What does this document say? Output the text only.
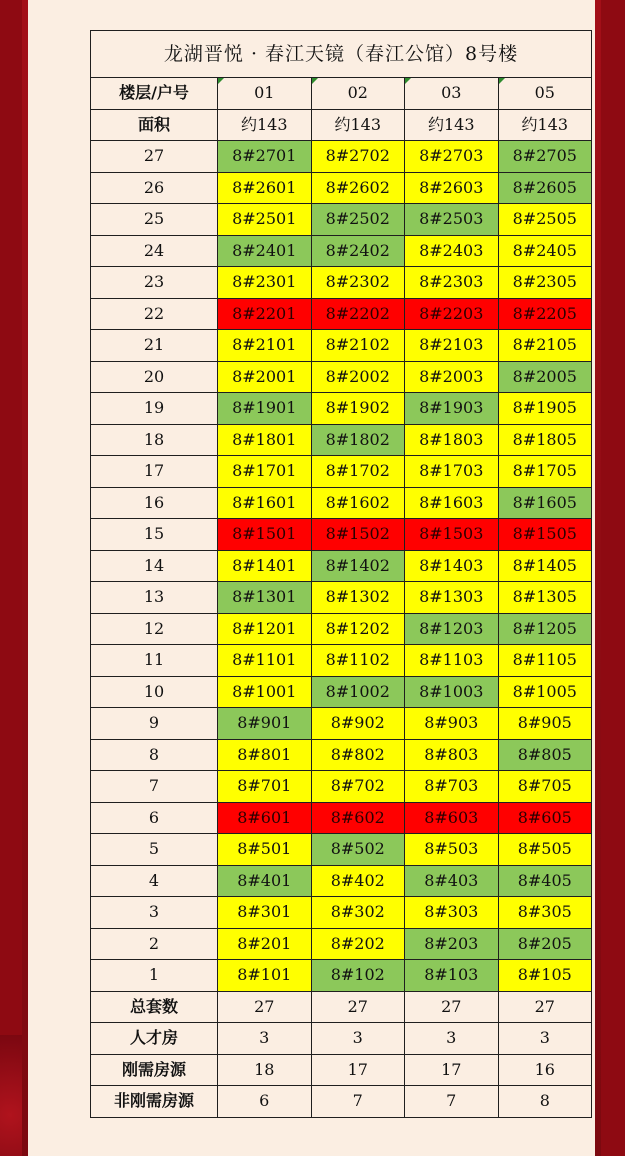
龙湖晋悦 · 春江天镜（春江公馆）8号楼				
楼层/户号	01	02	03	05
面积	约143	约143	约143	约143
27	8#2701	8#2702	8#2703	8#2705
26	8#2601	8#2602	8#2603	8#2605
25	8#2501	8#2502	8#2503	8#2505
24	8#2401	8#2402	8#2403	8#2405
23	8#2301	8#2302	8#2303	8#2305
22	8#2201	8#2202	8#2203	8#2205
21	8#2101	8#2102	8#2103	8#2105
20	8#2001	8#2002	8#2003	8#2005
19	8#1901	8#1902	8#1903	8#1905
18	8#1801	8#1802	8#1803	8#1805
17	8#1701	8#1702	8#1703	8#1705
16	8#1601	8#1602	8#1603	8#1605
15	8#1501	8#1502	8#1503	8#1505
14	8#1401	8#1402	8#1403	8#1405
13	8#1301	8#1302	8#1303	8#1305
12	8#1201	8#1202	8#1203	8#1205
11	8#1101	8#1102	8#1103	8#1105
10	8#1001	8#1002	8#1003	8#1005
9	8#901	8#902	8#903	8#905
8	8#801	8#802	8#803	8#805
7	8#701	8#702	8#703	8#705
6	8#601	8#602	8#603	8#605
5	8#501	8#502	8#503	8#505
4	8#401	8#402	8#403	8#405
3	8#301	8#302	8#303	8#305
2	8#201	8#202	8#203	8#205
1	8#101	8#102	8#103	8#105
总套数	27	27	27	27
人才房	3	3	3	3
刚需房源	18	17	17	16
非刚需房源	6	7	7	8
